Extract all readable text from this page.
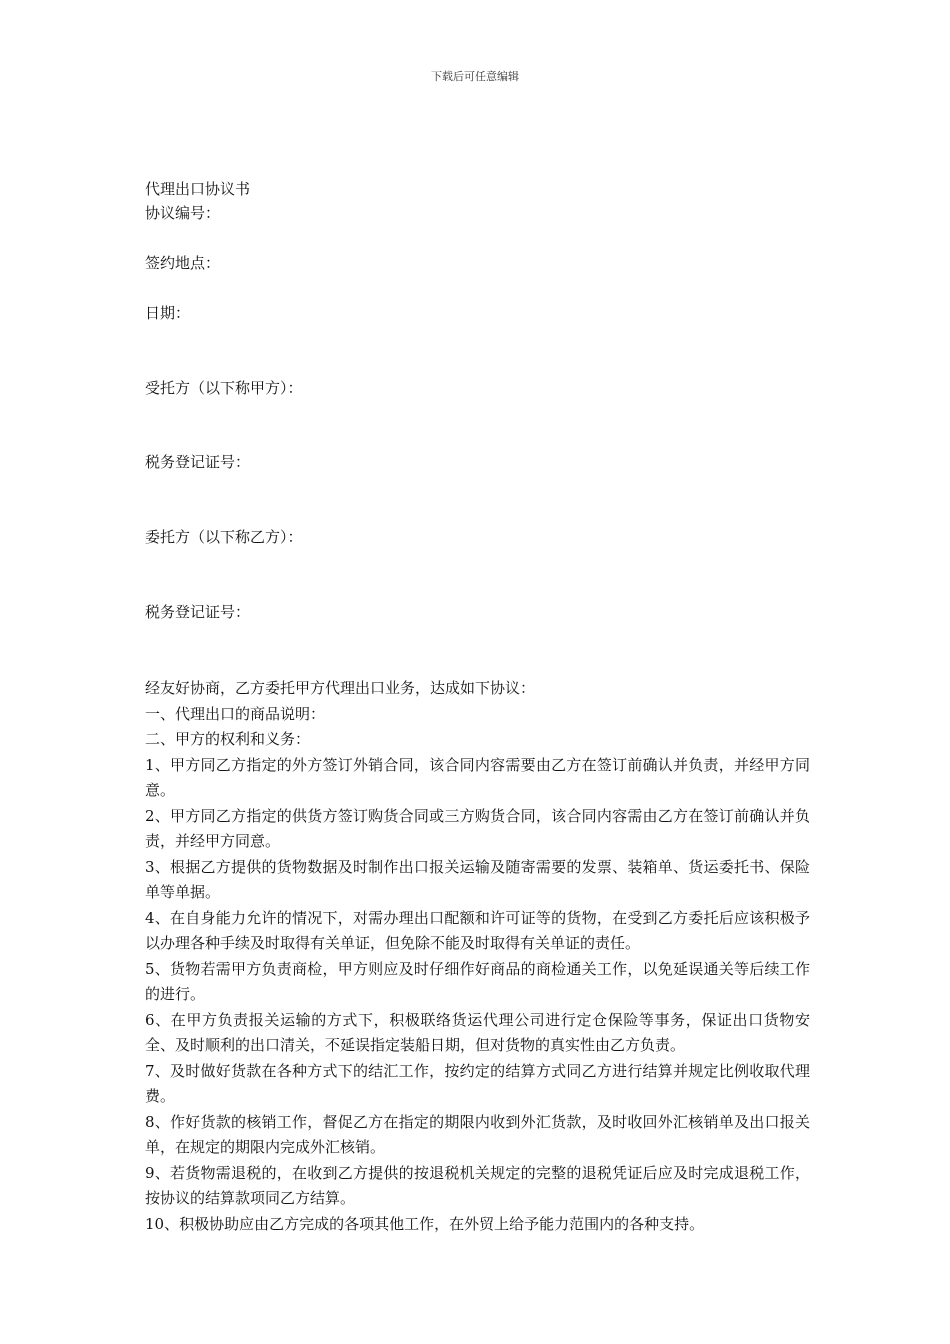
下载后可任意编辑
代理出口协议书
协议编号：
签约地点：
日期：
受托方（以下称甲方）：
税务登记证号：
委托方（以下称乙方）：
税务登记证号：

经友好协商，乙方委托甲方代理出口业务，达成如下协议：

一、代理出口的商品说明：

二、甲方的权利和义务：

1、甲方同乙方指定的外方签订外销合同，该合同内容需要由乙方在签订前确认并负责，并经甲方同意。

2、甲方同乙方指定的供货方签订购货合同或三方购货合同，该合同内容需由乙方在签订前确认并负责，并经甲方同意。

3、根据乙方提供的货物数据及时制作出口报关运输及随寄需要的发票、装箱单、货运委托书、保险单等单据。

4、在自身能力允许的情况下，对需办理出口配额和许可证等的货物，在受到乙方委托后应该积极予以办理各种手续及时取得有关单证，但免除不能及时取得有关单证的责任。

5、货物若需甲方负责商检，甲方则应及时仔细作好商品的商检通关工作，以免延误通关等后续工作的进行。

6、在甲方负责报关运输的方式下，积极联络货运代理公司进行定仓保险等事务，保证出口货物安全、及时顺利的出口清关，不延误指定装船日期，但对货物的真实性由乙方负责。

7、及时做好货款在各种方式下的结汇工作，按约定的结算方式同乙方进行结算并规定比例收取代理费。

8、作好货款的核销工作，督促乙方在指定的期限内收到外汇货款，及时收回外汇核销单及出口报关单，在规定的期限内完成外汇核销。

9、若货物需退税的，在收到乙方提供的按退税机关规定的完整的退税凭证后应及时完成退税工作，按协议的结算款项同乙方结算。

10、积极协助应由乙方完成的各项其他工作，在外贸上给予能力范围内的各种支持。
